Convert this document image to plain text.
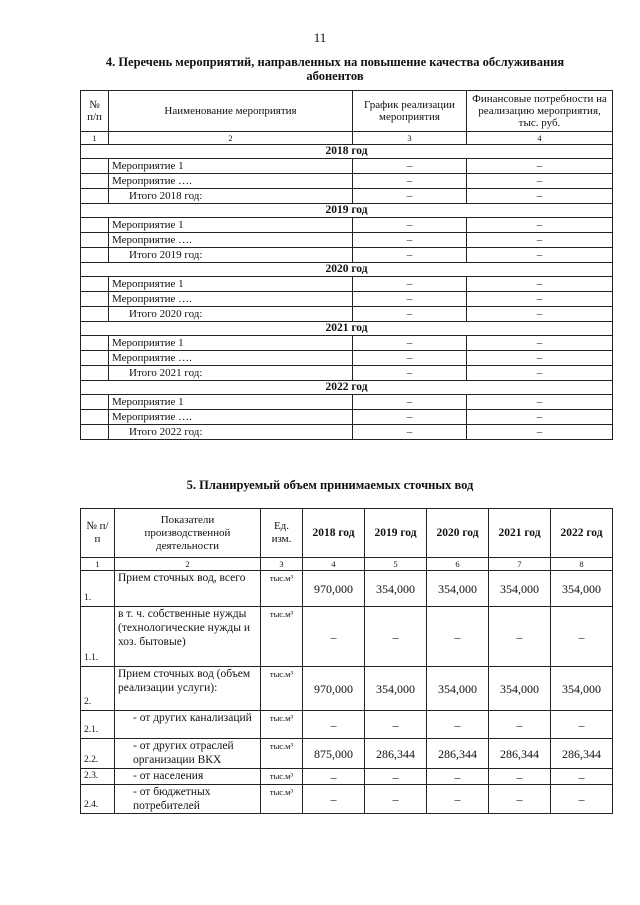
11
4. Перечень мероприятий, направленных на повышение качества обслуживания абонентов
№ п/п	Наименование мероприятия	График реализации мероприятия	Финансовые потребности на реализацию мероприятия, тыс. руб.
1	2	3	4
2018 год			
	Мероприятие 1	–	–
	Мероприятие ….	–	–
	Итого 2018 год:	–	–
2019 год			
	Мероприятие 1	–	–
	Мероприятие ….	–	–
	Итого 2019 год:	–	–
2020 год			
	Мероприятие 1	–	–
	Мероприятие ….	–	–
	Итого 2020 год:	–	–
2021 год			
	Мероприятие 1	–	–
	Мероприятие ….	–	–
	Итого 2021 год:	–	–
2022 год			
	Мероприятие 1	–	–
	Мероприятие ….	–	–
	Итого 2022 год:	–	–
5. Планируемый объем принимаемых сточных вод
№ п/п	Показатели производственной деятельности	Ед. изм.	2018 год	2019 год	2020 год	2021 год	2022 год
1	2	3	4	5	6	7	8
1.	Прием сточных вод, всего	тыс.м³	970,000	354,000	354,000	354,000	354,000
1.1.	в т. ч. собственные нужды (технологические нужды и хоз. бытовые)	тыс.м³	–	–	–	–	–
2.	Прием сточных вод (объем реализации услуги):	тыс.м³	970,000	354,000	354,000	354,000	354,000
2.1.	- от других канализаций	тыс.м³	–	–	–	–	–
2.2.	- от других отраслей организации ВКХ	тыс.м³	875,000	286,344	286,344	286,344	286,344
2.3.	- от населения	тыс.м³	–	–	–	–	–
2.4.	- от бюджетных потребителей	тыс.м³	–	–	–	–	–
